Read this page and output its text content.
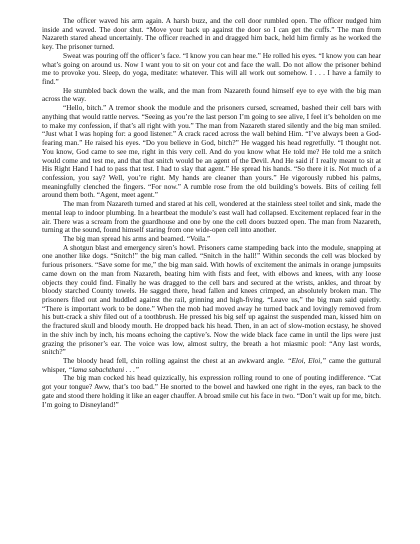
The officer waved his arm again. A harsh buzz, and the cell door rumbled open. The officer nudged him inside and waved. The door shut. “Move your back up against the door so I can get the cuffs.” The man from Nazareth stared ahead uncertainly. The officer reached in and dragged him back, held him firmly as he worked the key. The prisoner turned.

Sweat was pouring off the officer’s face. “I know you can hear me.” He rolled his eyes. “I know you can hear what’s going on around us. Now I want you to sit on your cot and face the wall. Do not allow the prisoner behind me to provoke you. Sleep, do yoga, meditate: whatever. This will all work out somehow. I . . . I have a family to find.”

He stumbled back down the walk, and the man from Nazareth found himself eye to eye with the big man across the way.

“Hello, bitch.” A tremor shook the module and the prisoners cursed, screamed, bashed their cell bars with anything that would rattle nerves. “Seeing as you’re the last person I’m going to see alive, I feel it’s beholden on me to make my confession, if that’s all right with you.” The man from Nazareth stared silently and the big man smiled. “Just what I was hoping for: a good listener.” A crack raced across the wall behind Him. “I’ve always been a God-fearing man.” He raised his eyes. “Do you believe in God, bitch?” He wagged his head regretfully. “I thought not. You know, God came to see me, right in this very cell. And do you know what He told me? He told me a snitch would come and test me, and that that snitch would be an agent of the Devil. And He said if I really meant to sit at His Right Hand I had to pass that test. I had to slay that agent.” He spread his hands. “So there it is. Not much of a confession, you say? Well, you’re right. My hands are cleaner than yours.” He vigorously rubbed his palms, meaningfully clenched the fingers. “For now.” A rumble rose from the old building’s bowels. Bits of ceiling fell around them both. “Agent, meet agent.”

The man from Nazareth turned and stared at his cell, wondered at the stainless steel toilet and sink, made the mental leap to indoor plumbing. In a heartbeat the module’s east wall had collapsed. Excitement replaced fear in the air. There was a scream from the guardhouse and one by one the cell doors buzzed open. The man from Nazareth, turning at the sound, found himself staring from one wide-open cell into another.

The big man spread his arms and beamed. “Voila.”

A shotgun blast and emergency siren’s howl. Prisoners came stampeding back into the module, snapping at one another like dogs. “Snitch!” the big man called. “Snitch in the hall!” Within seconds the cell was blocked by furious prisoners. “Save some for me,” the big man said. With howls of excitement the animals in orange jumpsuits came down on the man from Nazareth, beating him with fists and feet, with elbows and knees, with any loose objects they could find. Finally he was dragged to the cell bars and secured at the wrists, ankles, and throat by bloody starched County towels. He sagged there, head fallen and knees crimped, an absolutely broken man. The prisoners filed out and huddled against the rail, grinning and high-fiving. “Leave us,” the big man said quietly. “There is important work to be done.” When the mob had moved away he turned back and lovingly removed from his butt-crack a shiv filed out of a toothbrush. He pressed his big self up against the suspended man, kissed him on the fractured skull and bloody mouth. He dropped back his head. Then, in an act of slow-motion ecstasy, he shoved in the shiv inch by inch, his moans echoing the captive’s. Now the wide black face came in until the lips were just grazing the prisoner’s ear. The voice was low, almost sultry, the breath a hot miasmic pool: “Any last words, snitch?”

The bloody head fell, chin rolling against the chest at an awkward angle. “Eloi, Eloi,” came the guttural whisper, “lama sabachthani . . .”

The big man cocked his head quizzically, his expression rolling round to one of pouting indifference. “Cat got your tongue? Aww, that’s too bad.” He snorted to the bowel and hawked one right in the eyes, ran back to the gate and stood there holding it like an eager chauffer. A broad smile cut his face in two. “Don’t wait up for me, bitch. I’m going to Disneyland!”
